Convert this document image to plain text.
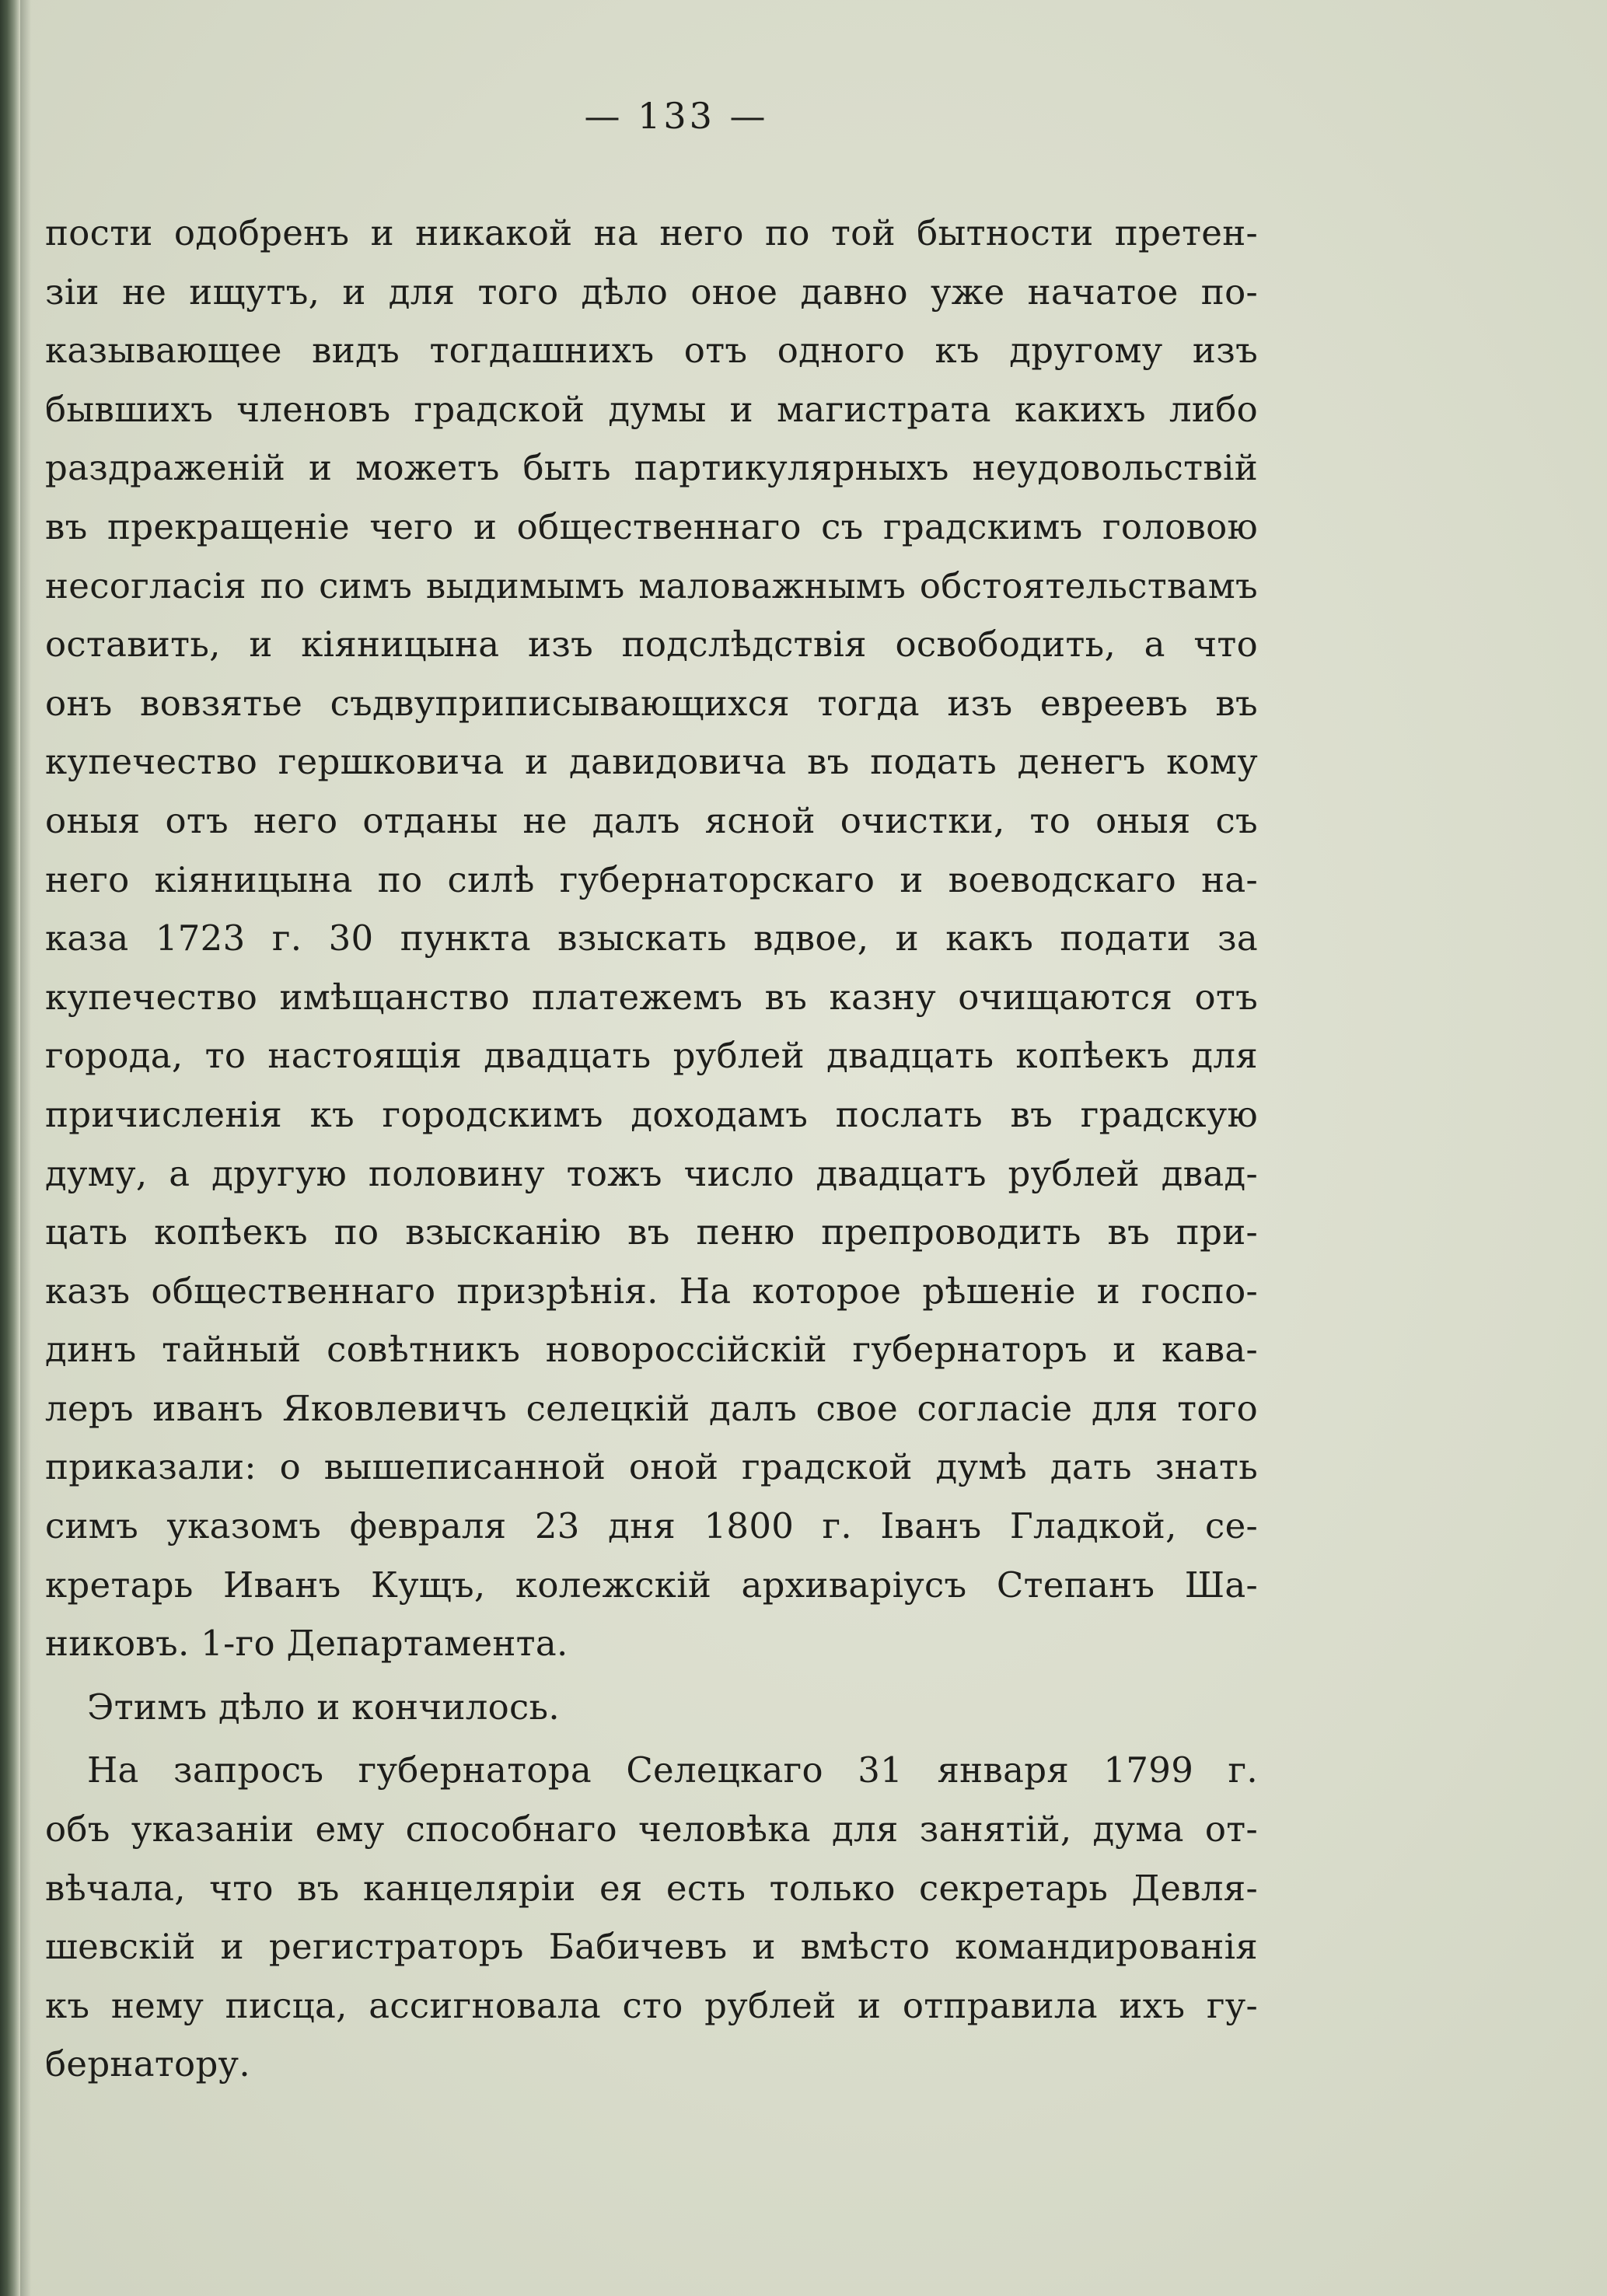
— 133 —
пости одобренъ и никакой на него по той бытности претен-
зіи не ищутъ, и для того дѣло оное давно уже начатое по-
казывающее видъ тогдашнихъ отъ одного къ другому изъ
бывшихъ членовъ градской думы и магистрата какихъ либо
раздраженій и можетъ быть партикулярныхъ неудовольствій
въ прекращеніе чего и общественнаго съ градскимъ головою
несогласія по симъ выдимымъ маловажнымъ обстоятельствамъ
оставить, и кіяницына изъ подслѣдствія освободить, а что
онъ вовзятье съдвуприписывающихся тогда изъ евреевъ въ
купечество гершковича и давидовича въ подать денегъ кому
оныя отъ него отданы не далъ ясной очистки, то оныя съ
него кіяницына по силѣ губернаторскаго и воеводскаго на-
каза 1723 г. 30 пункта взыскать вдвое, и какъ подати за
купечество имѣщанство платежемъ въ казну очищаются отъ
города, то настоящія двадцать рублей двадцать копѣекъ для
причисленія къ городскимъ доходамъ послать въ градскую
думу, а другую половину тожъ число двадцатъ рублей двад-
цать копѣекъ по взысканію въ пеню препроводить въ при-
казъ общественнаго призрѣнія. На которое рѣшеніе и госпо-
динъ тайный совѣтникъ новороссійскій губернаторъ и кава-
леръ иванъ Яковлевичъ селецкій далъ свое согласіе для того
приказали: о вышеписанной оной градской думѣ дать знать
симъ указомъ февраля 23 дня 1800 г. Іванъ Гладкой, се-
кретарь Иванъ Кущъ, колежскій архиваріусъ Степанъ Ша-
никовъ. 1-го Департамента.
Этимъ дѣло и кончилось.
На запросъ губернатора Селецкаго 31 января 1799 г.
объ указаніи ему способнаго человѣка для занятій, дума от-
вѣчала, что въ канцеляріи ея есть только секретарь Девля-
шевскій и регистраторъ Бабичевъ и вмѣсто командированія
къ нему писца, ассигновала сто рублей и отправила ихъ гу-
бернатору.
